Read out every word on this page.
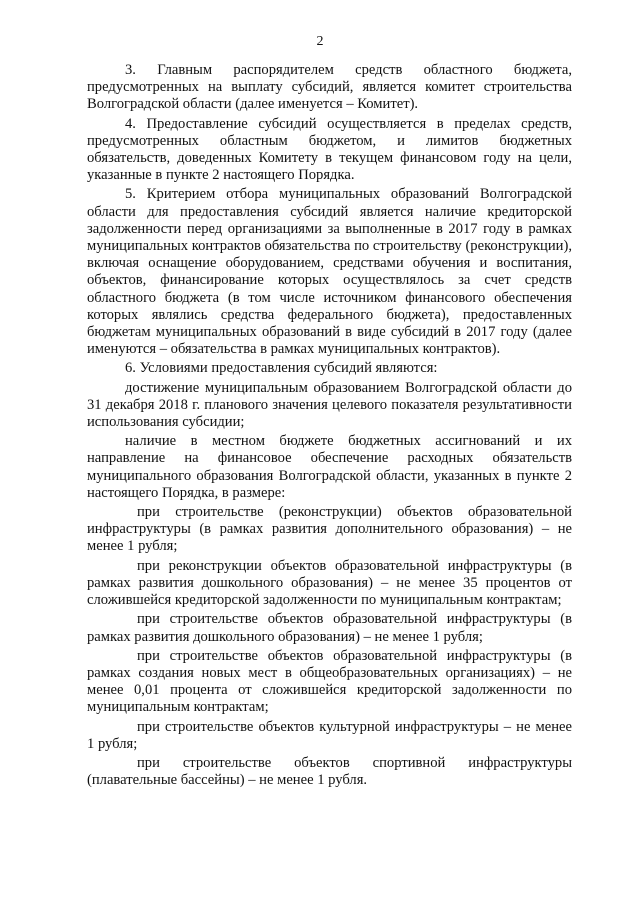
2

3. Главным распорядителем средств областного бюджета, предусмотренных на выплату субсидий, является комитет строительства Волгоградской области (далее именуется – Комитет).

4. Предоставление субсидий осуществляется в пределах средств, предусмотренных областным бюджетом, и лимитов бюджетных обязательств, доведенных Комитету в текущем финансовом году на цели, указанные в пункте 2 настоящего Порядка.

5. Критерием отбора муниципальных образований Волгоградской области для предоставления субсидий является наличие кредиторской задолженности перед организациями за выполненные в 2017 году в рамках муниципальных контрактов обязательства по строительству (реконструкции), включая оснащение оборудованием, средствами обучения и воспитания, объектов, финансирование которых осуществлялось за счет средств областного бюджета (в том числе источником финансового обеспечения которых являлись средства федерального бюджета), предоставленных бюджетам муниципальных образований в виде субсидий в 2017 году (далее именуются – обязательства в рамках муниципальных контрактов).

6. Условиями предоставления субсидий являются:

достижение муниципальным образованием Волгоградской области до 31 декабря 2018 г. планового значения целевого показателя результативности использования субсидии;

наличие в местном бюджете бюджетных ассигнований и их направление на финансовое обеспечение расходных обязательств муниципального образования Волгоградской области, указанных в пункте 2 настоящего Порядка, в размере:

при строительстве (реконструкции) объектов образовательной инфраструктуры (в рамках развития дополнительного образования) – не менее 1 рубля;

при реконструкции объектов образовательной инфраструктуры (в рамках развития дошкольного образования) – не менее 35 процентов от сложившейся кредиторской задолженности по муниципальным контрактам;

при строительстве объектов образовательной инфраструктуры (в рамках развития дошкольного образования) – не менее 1 рубля;

при строительстве объектов образовательной инфраструктуры (в рамках создания новых мест в общеобразовательных организациях) – не менее 0,01 процента от сложившейся кредиторской задолженности по муниципальным контрактам;

при строительстве объектов культурной инфраструктуры – не менее 1 рубля;

при строительстве объектов спортивной инфраструктуры (плавательные бассейны) – не менее 1 рубля.
